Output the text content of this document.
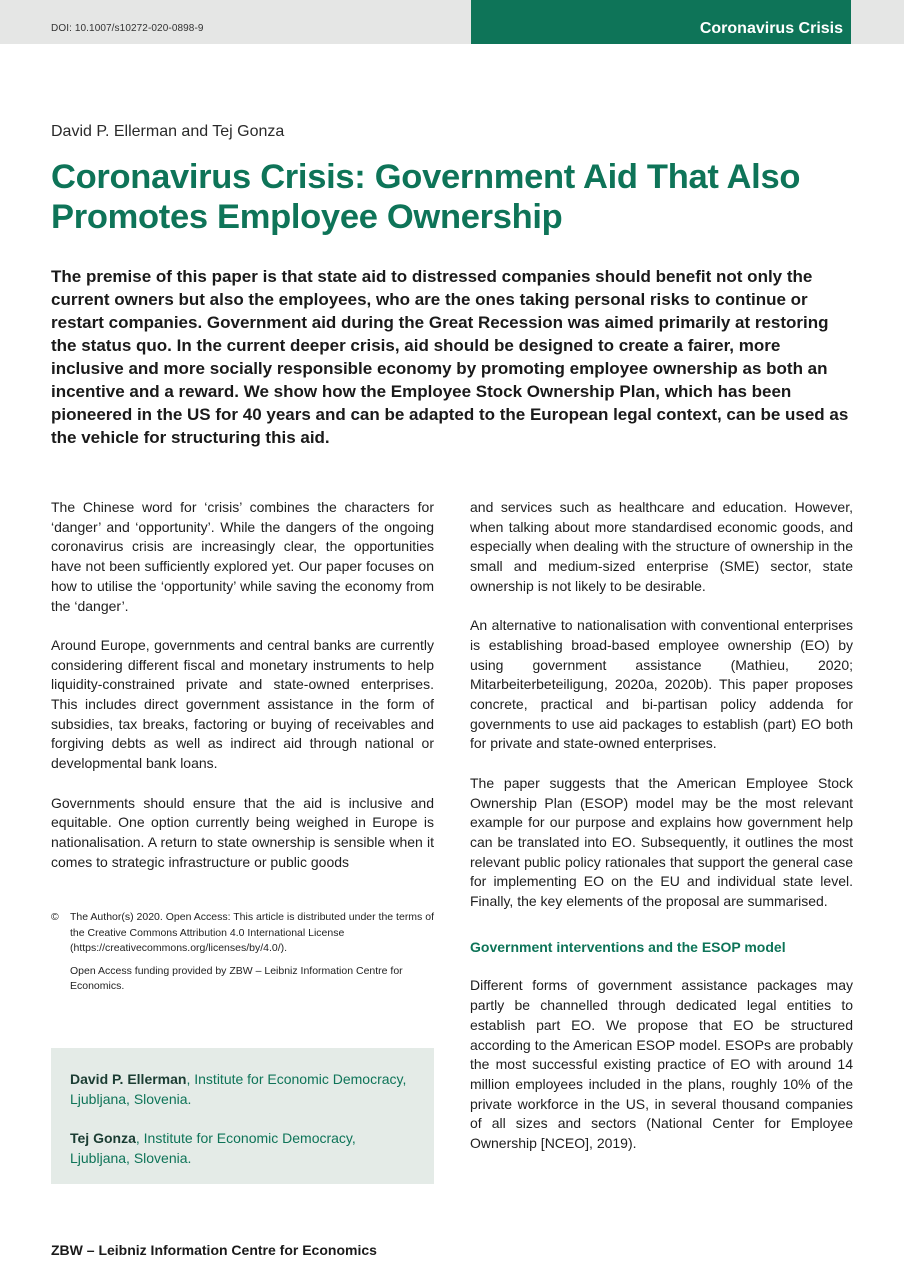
DOI: 10.1007/s10272-020-0898-9	Coronavirus Crisis
David P. Ellerman and Tej Gonza
Coronavirus Crisis: Government Aid That Also Promotes Employee Ownership

The premise of this paper is that state aid to distressed companies should benefit not only the current owners but also the employees, who are the ones taking personal risks to continue or restart companies. Government aid during the Great Recession was aimed primarily at restoring the status quo. In the current deeper crisis, aid should be designed to create a fairer, more inclusive and more socially responsible economy by promoting employee ownership as both an incentive and a reward. We show how the Employee Stock Ownership Plan, which has been pioneered in the US for 40 years and can be adapted to the European legal context, can be used as the vehicle for structuring this aid.

The Chinese word for ‘crisis’ combines the characters for ‘danger’ and ‘opportunity’. While the dangers of the ongoing coronavirus crisis are increasingly clear, the opportunities have not been sufficiently explored yet. Our paper focuses on how to utilise the ‘opportunity’ while saving the economy from the ‘danger’.

Around Europe, governments and central banks are currently considering different fiscal and monetary instruments to help liquidity-constrained private and state-owned enterprises. This includes direct government assistance in the form of subsidies, tax breaks, factoring or buying of receivables and forgiving debts as well as indirect aid through national or developmental bank loans.

Governments should ensure that the aid is inclusive and equitable. One option currently being weighed in Europe is nationalisation. A return to state ownership is sensible when it comes to strategic infrastructure or public goods

© The Author(s) 2020. Open Access: This article is distributed under the terms of the Creative Commons Attribution 4.0 International License (https://creativecommons.org/licenses/by/4.0/).

Open Access funding provided by ZBW – Leibniz Information Centre for Economics.

David P. Ellerman, Institute for Economic Democracy, Ljubljana, Slovenia.

Tej Gonza, Institute for Economic Democracy, Ljubljana, Slovenia.

and services such as healthcare and education. However, when talking about more standardised economic goods, and especially when dealing with the structure of ownership in the small and medium-sized enterprise (SME) sector, state ownership is not likely to be desirable.

An alternative to nationalisation with conventional enterprises is establishing broad-based employee ownership (EO) by using government assistance (Mathieu, 2020; Mitarbeiterbeteiligung, 2020a, 2020b). This paper proposes concrete, practical and bi-partisan policy addenda for governments to use aid packages to establish (part) EO both for private and state-owned enterprises.

The paper suggests that the American Employee Stock Ownership Plan (ESOP) model may be the most relevant example for our purpose and explains how government help can be translated into EO. Subsequently, it outlines the most relevant public policy rationales that support the general case for implementing EO on the EU and individual state level. Finally, the key elements of the proposal are summarised.

Government interventions and the ESOP model

Different forms of government assistance packages may partly be channelled through dedicated legal entities to establish part EO. We propose that EO be structured according to the American ESOP model. ESOPs are probably the most successful existing practice of EO with around 14 million employees included in the plans, roughly 10% of the private workforce in the US, in several thousand companies of all sizes and sectors (National Center for Employee Ownership [NCEO], 2019).

ZBW – Leibniz Information Centre for Economics
